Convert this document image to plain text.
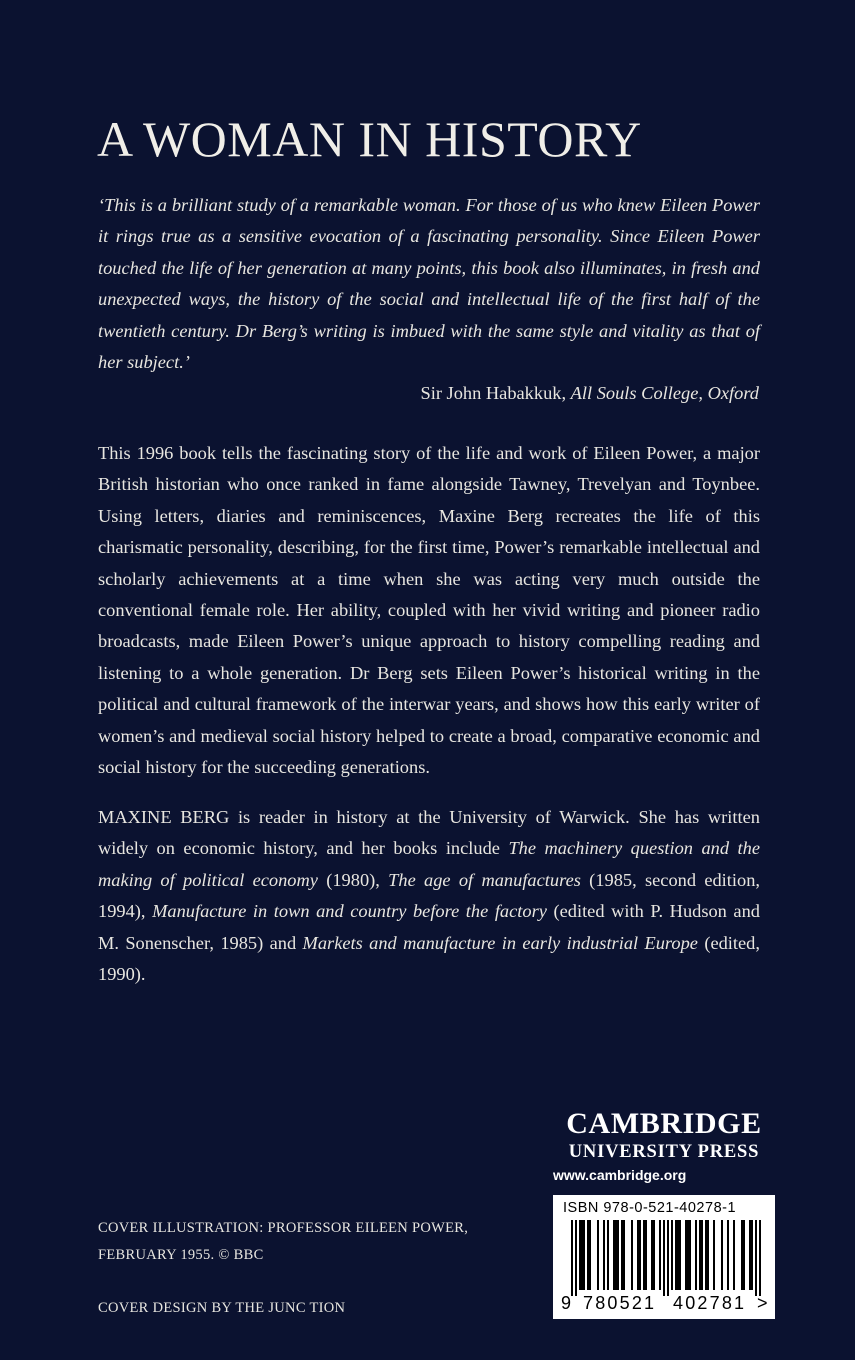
A WOMAN IN HISTORY

‘This is a brilliant study of a remarkable woman. For those of us who knew Eileen Power it rings true as a sensitive evocation of a fascinating personality. Since Eileen Power touched the life of her generation at many points, this book also illuminates, in fresh and unexpected ways, the history of the social and intellectual life of the first half of the twentieth century. Dr Berg’s writing is imbued with the same style and vitality as that of her subject.’

Sir John Habakkuk, All Souls College, Oxford

This 1996 book tells the fascinating story of the life and work of Eileen Power, a major British historian who once ranked in fame alongside Tawney, Trevelyan and Toynbee. Using letters, diaries and reminiscences, Maxine Berg recreates the life of this charismatic personality, describing, for the first time, Power’s remarkable intellectual and scholarly achievements at a time when she was acting very much outside the conventional female role. Her ability, coupled with her vivid writing and pioneer radio broadcasts, made Eileen Power’s unique approach to history compelling reading and listening to a whole generation. Dr Berg sets Eileen Power’s historical writing in the political and cultural framework of the interwar years, and shows how this early writer of women’s and medieval social history helped to create a broad, comparative economic and social history for the succeeding generations.

MAXINE BERG is reader in history at the University of Warwick. She has written widely on economic history, and her books include The machinery question and the making of political economy (1980), The age of manufactures (1985, second edition, 1994), Manufacture in town and country before the factory (edited with P. Hudson and M. Sonenscher, 1985) and Markets and manufacture in early industrial Europe (edited, 1990).

COVER ILLUSTRATION: PROFESSOR EILEEN POWER, FEBRUARY 1955. © BBC

COVER DESIGN BY THE JUNC TION

CAMBRIDGE
UNIVERSITY PRESS
www.cambridge.org
ISBN 978-0-521-40278-1
9 780521 402781 >
